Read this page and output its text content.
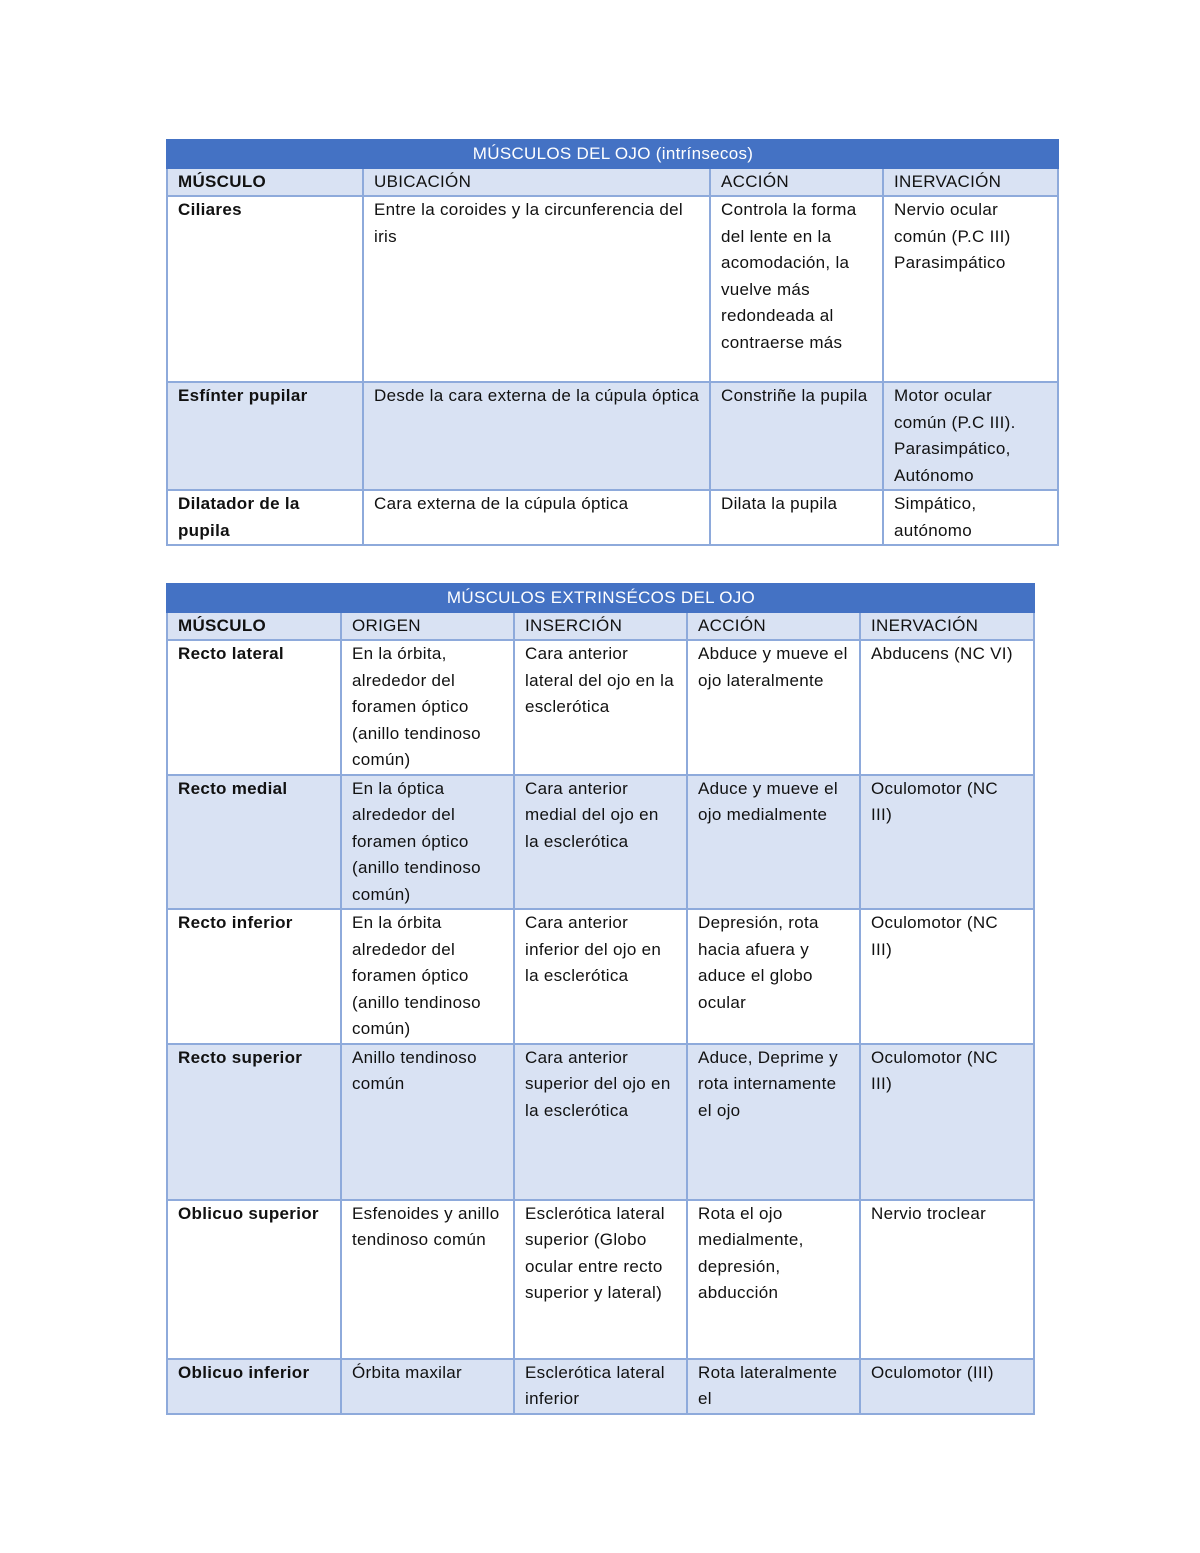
MÚSCULOS DEL OJO (intrínsecos)			
MÚSCULO	UBICACIÓN	ACCIÓN	INERVACIÓN
Ciliares	Entre la coroides y la circunferencia del iris	Controla la forma del lente en la acomodación, la vuelve más redondeada al contraerse más	Nervio ocular común (P.C III) Parasimpático
Esfínter pupilar	Desde la cara externa de la cúpula óptica	Constriñe la pupila	Motor ocular común (P.C III). Parasimpático, Autónomo
Dilatador de la pupila	Cara externa de la cúpula óptica	Dilata la pupila	Simpático, autónomo
MÚSCULOS EXTRINSÉCOS DEL OJO				
MÚSCULO	ORIGEN	INSERCIÓN	ACCIÓN	INERVACIÓN
Recto lateral	En la órbita, alrededor del foramen óptico (anillo tendinoso común)	Cara anterior lateral del ojo en la esclerótica	Abduce y mueve el ojo lateralmente	Abducens (NC VI)
Recto medial	En la óptica alrededor del foramen óptico (anillo tendinoso común)	Cara anterior medial del ojo en la esclerótica	Aduce y mueve el ojo medialmente	Oculomotor (NC III)
Recto inferior	En la órbita alrededor del foramen óptico (anillo tendinoso común)	Cara anterior inferior del ojo en la esclerótica	Depresión, rota hacia afuera y aduce el globo ocular	Oculomotor (NC III)
Recto superior	Anillo tendinoso común	Cara anterior superior del ojo en la esclerótica	Aduce, Deprime y rota internamente el ojo	Oculomotor (NC III)
Oblicuo superior	Esfenoides y anillo tendinoso común	Esclerótica lateral superior (Globo ocular entre recto superior y lateral)	Rota el ojo medialmente, depresión, abducción	Nervio troclear
Oblicuo inferior	Órbita maxilar	Esclerótica lateral inferior	Rota lateralmente el	Oculomotor (III)
